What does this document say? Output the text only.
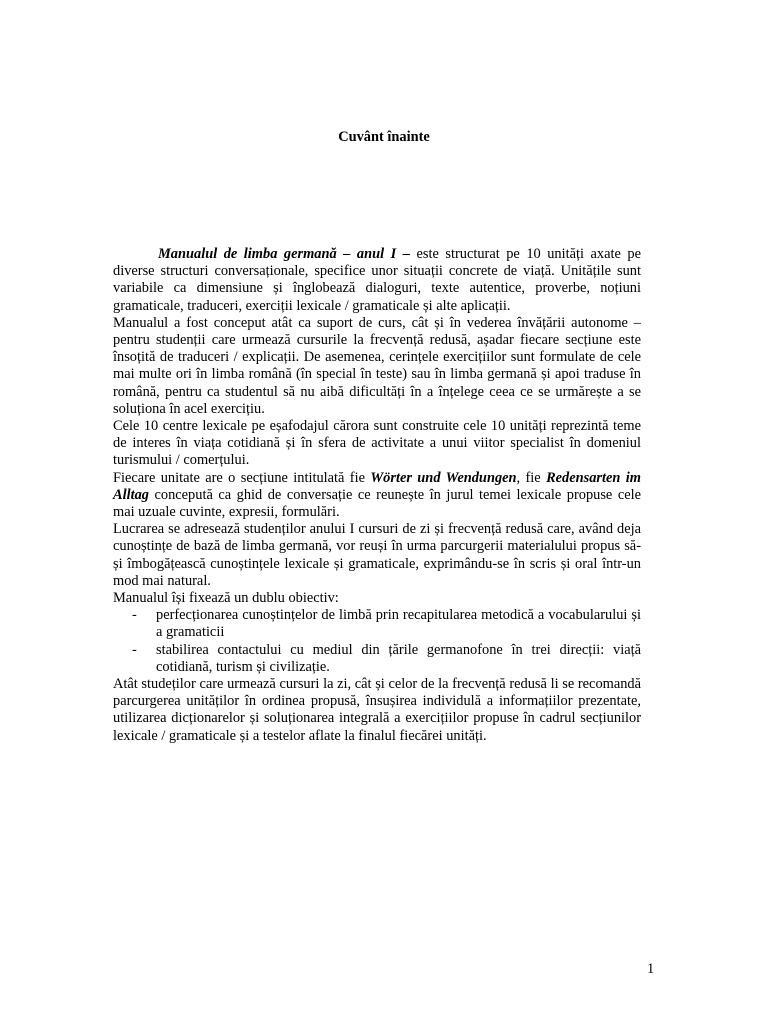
Cuvânt înainte

Manualul de limba germană – anul I – este structurat pe 10 unități axate pe diverse structuri conversaționale, specifice unor situații concrete de viață. Unitățile sunt variabile ca dimensiune și înglobează dialoguri, texte autentice, proverbe, noțiuni gramaticale, traduceri, exerciții lexicale / gramaticale și alte aplicații.

Manualul a fost conceput atât ca suport de curs, cât și în vederea învățării autonome – pentru studenții care urmează cursurile la frecvență redusă, așadar fiecare secțiune este însoțită de traduceri / explicații. De asemenea, cerințele exercițiilor sunt formulate de cele mai multe ori în limba română (în special în teste) sau în limba germană și apoi traduse în română, pentru ca studentul să nu aibă dificultăți în a înțelege ceea ce se urmărește a se soluționa în acel exercițiu.

Cele 10 centre lexicale pe eșafodajul cărora sunt construite cele 10 unități reprezintă teme de interes în viața cotidiană și în sfera de activitate a unui viitor specialist în domeniul turismului / comerțului.

Fiecare unitate are o secțiune intitulată fie Wörter und Wendungen, fie Redensarten im Alltag concepută ca ghid de conversație ce reunește în jurul temei lexicale propuse cele mai uzuale cuvinte, expresii, formulări.

Lucrarea se adresează studenților anului I cursuri de zi și frecvență redusă care, având deja cunoștințe de bază de limba germană, vor reuși în urma parcurgerii materialului propus să-și îmbogățească cunoștințele lexicale și gramaticale, exprimându-se în scris și oral într-un mod mai natural.

Manualul își fixează un dublu obiectiv:

- perfecționarea cunoștințelor de limbă prin recapitularea metodică a vocabularului și a gramaticii
- stabilirea contactului cu mediul din țările germanofone în trei direcții: viață cotidiană, turism și civilizație.

Atât studeților care urmează cursuri la zi, cât și celor de la frecvență redusă li se recomandă parcurgerea unităților în ordinea propusă, însușirea individulă a informațiilor prezentate, utilizarea dicționarelor și soluționarea integrală a exercițiilor propuse în cadrul secțiunilor lexicale / gramaticale și a testelor aflate la finalul fiecărei unități.

1
